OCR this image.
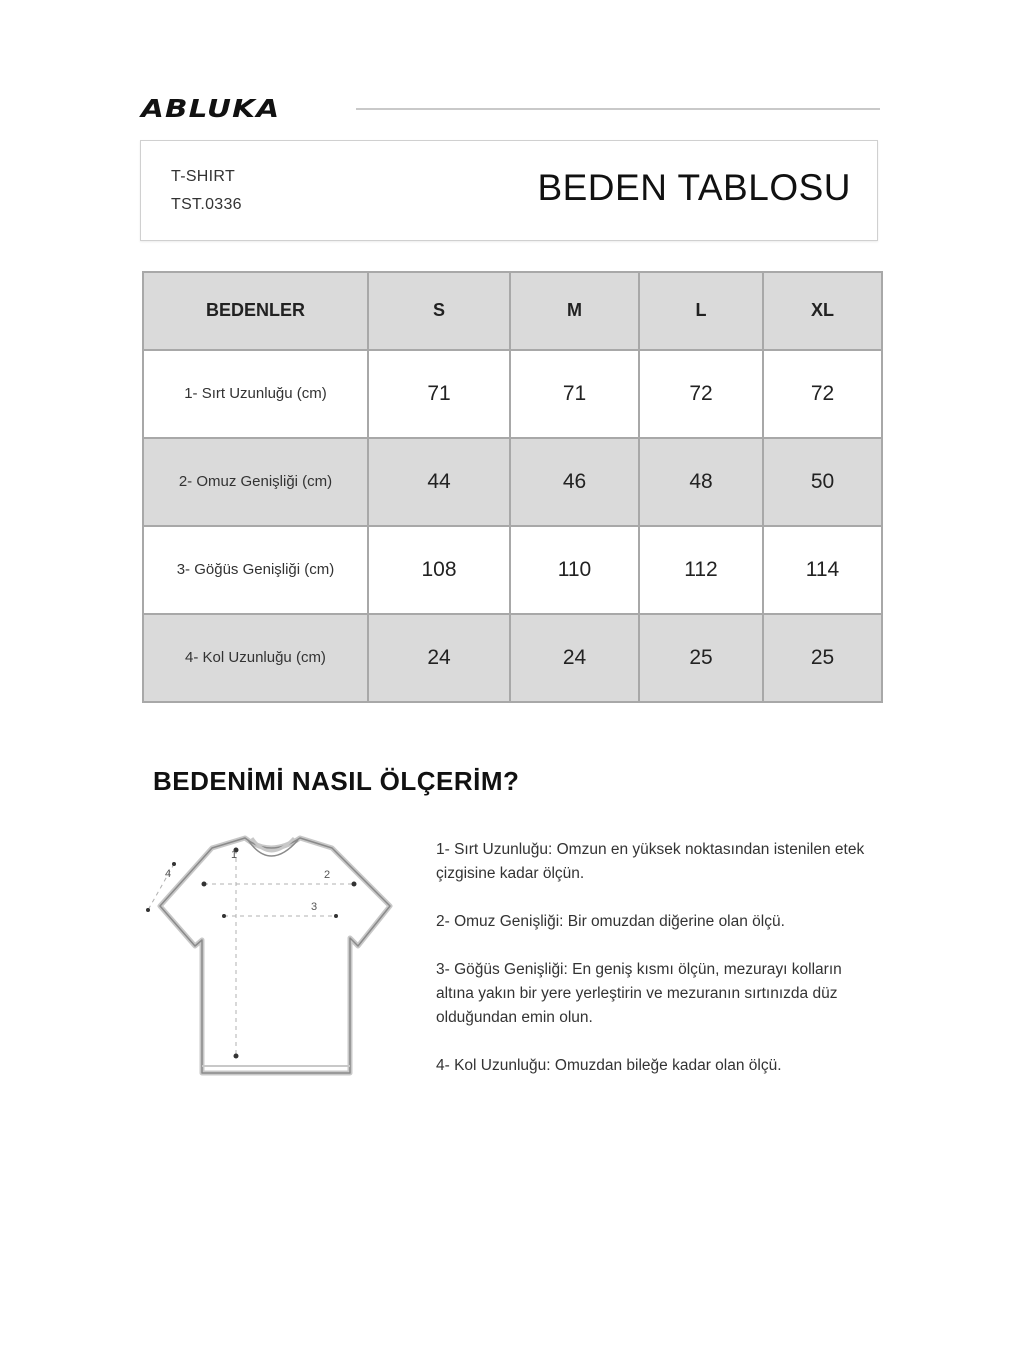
ABLUKA
T-SHIRT
TST.0336	BEDEN TABLOSU
BEDENLER	S	M	L	XL
1- Sırt Uzunluğu (cm)	71	71	72	72
2- Omuz Genişliği (cm)	44	46	48	50
3- Göğüs Genişliği (cm)	108	110	112	114
4- Kol Uzunluğu (cm)	24	24	25	25
BEDENİMİ NASIL ÖLÇERİM?
1
2
3
4

1- Sırt Uzunluğu: Omzun en yüksek noktasından istenilen etek çizgisine kadar ölçün.

2- Omuz Genişliği: Bir omuzdan diğerine olan ölçü.

3- Göğüs Genişliği: En geniş kısmı ölçün, mezurayı kolların altına yakın bir yere yerleştirin ve mezuranın sırtınızda düz olduğundan emin olun.

4- Kol Uzunluğu: Omuzdan bileğe kadar olan ölçü.
